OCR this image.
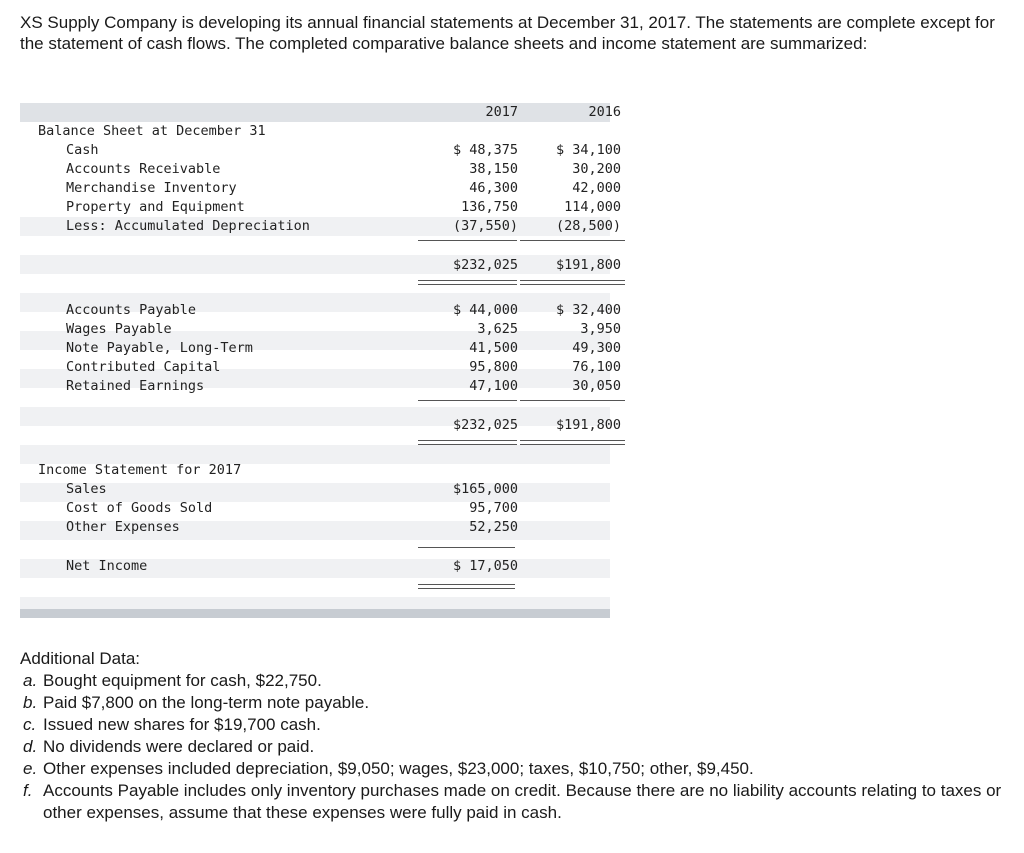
XS Supply Company is developing its annual financial statements at December 31, 2017. The statements are complete except for the statement of cash flows. The completed comparative balance sheets and income statement are summarized:

2017	2016
Balance Sheet at December 31
Cash	$ 48,375	$ 34,100
Accounts Receivable	38,150	30,200
Merchandise Inventory	46,300	42,000
Property and Equipment	136,750	114,000
Less: Accumulated Depreciation	(37,550)	(28,500)
$232,025	$191,800
Accounts Payable	$ 44,000	$ 32,400
Wages Payable	3,625	3,950
Note Payable, Long-Term	41,500	49,300
Contributed Capital	95,800	76,100
Retained Earnings	47,100	30,050
$232,025	$191,800
Income Statement for 2017
Sales	$165,000
Cost of Goods Sold	95,700
Other Expenses	52,250
Net Income	$ 17,050

Additional Data:

a. Bought equipment for cash, $22,750.
b. Paid $7,800 on the long-term note payable.
c. Issued new shares for $19,700 cash.
d. No dividends were declared or paid.
e. Other expenses included depreciation, $9,050; wages, $23,000; taxes, $10,750; other, $9,450.
f. Accounts Payable includes only inventory purchases made on credit. Because there are no liability accounts relating to taxes or other expenses, assume that these expenses were fully paid in cash.
